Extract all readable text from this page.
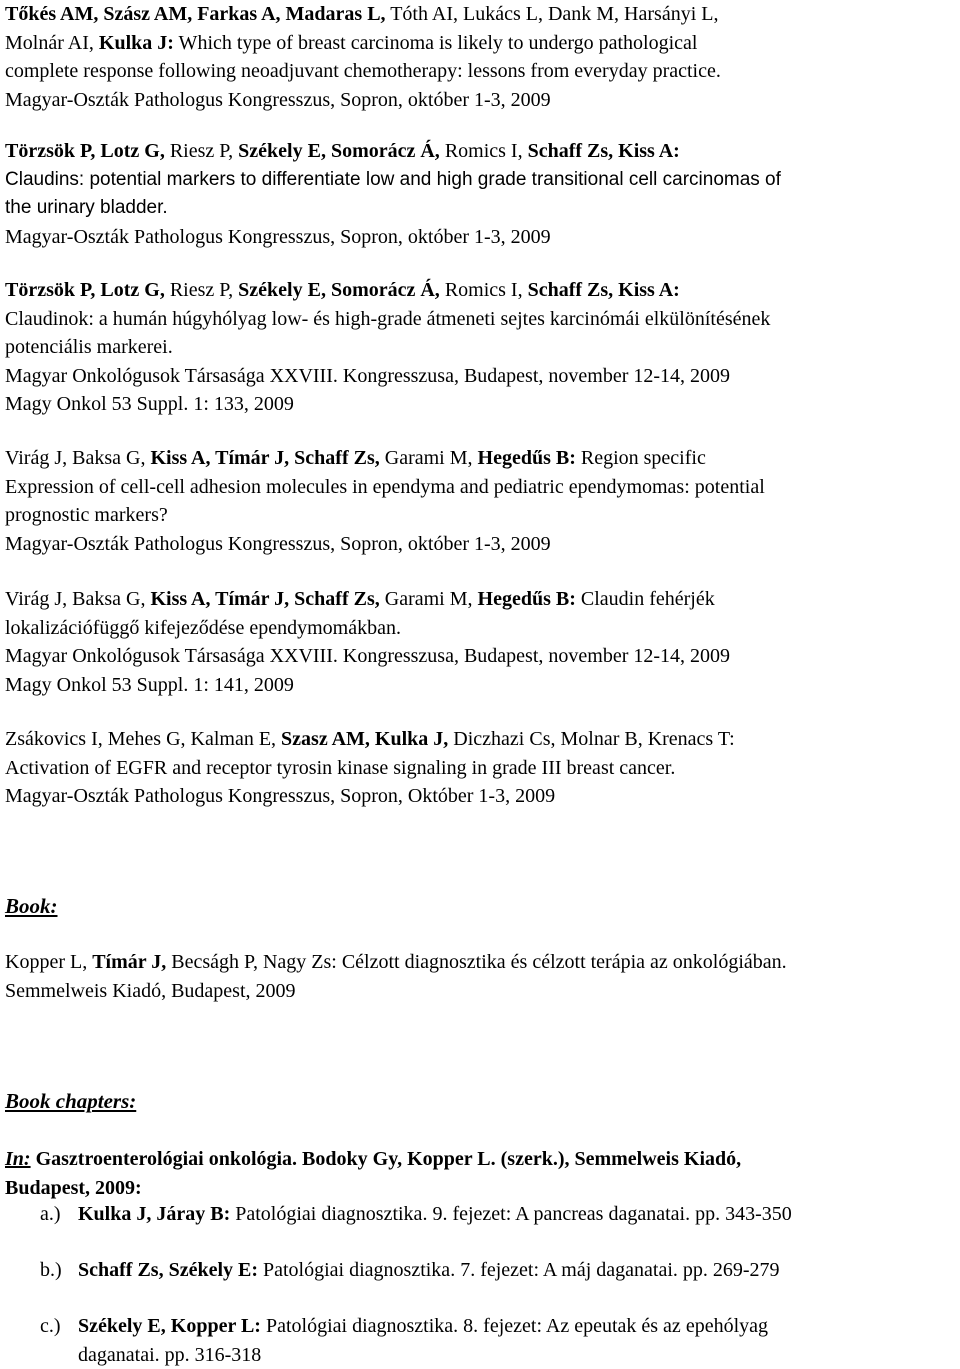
Tőkés AM, Szász AM, Farkas A, Madaras L, Tóth AI, Lukács L, Dank M, Harsányi L,

Molnár AI, Kulka J: Which type of breast carcinoma is likely to undergo pathological

complete response following neoadjuvant chemotherapy: lessons from everyday practice.

Magyar-Oszták Pathologus Kongresszus, Sopron, október 1-3, 2009

Törzsök P, Lotz G, Riesz P, Székely E, Somorácz Á, Romics I, Schaff Zs, Kiss A:

Claudins: potential markers to differentiate low and high grade transitional cell carcinomas of

the urinary bladder.

Magyar-Oszták Pathologus Kongresszus, Sopron, október 1-3, 2009

Törzsök P, Lotz G, Riesz P, Székely E, Somorácz Á, Romics I, Schaff Zs, Kiss A:

Claudinok: a humán húgyhólyag low- és high-grade átmeneti sejtes karcinómái elkülönítésének

potenciális markerei.

Magyar Onkológusok Társasága XXVIII. Kongresszusa, Budapest, november 12-14, 2009

Magy Onkol 53 Suppl. 1: 133, 2009

Virág J, Baksa G, Kiss A, Tímár J, Schaff Zs, Garami M, Hegedűs B: Region specific

Expression of cell-cell adhesion molecules in ependyma and pediatric ependymomas: potential

prognostic markers?

Magyar-Oszták Pathologus Kongresszus, Sopron, október 1-3, 2009

Virág J, Baksa G, Kiss A, Tímár J, Schaff Zs, Garami M, Hegedűs B: Claudin fehérjék

lokalizációfüggő kifejeződése ependymomákban.

Magyar Onkológusok Társasága XXVIII. Kongresszusa, Budapest, november 12-14, 2009

Magy Onkol 53 Suppl. 1: 141, 2009

Zsákovics I, Mehes G, Kalman E, Szasz AM, Kulka J, Diczhazi Cs, Molnar B, Krenacs T:

Activation of EGFR and receptor tyrosin kinase signaling in grade III breast cancer.

Magyar-Oszták Pathologus Kongresszus, Sopron, Október 1-3, 2009

Book:

Kopper L, Tímár J, Becságh P, Nagy Zs: Célzott diagnosztika és célzott terápia az onkológiában.

Semmelweis Kiadó, Budapest, 2009

Book chapters:

In: Gasztroenterológiai onkológia. Bodoky Gy, Kopper L. (szerk.), Semmelweis Kiadó,

Budapest, 2009:

a.) Kulka J, Járay B: Patológiai diagnosztika. 9. fejezet: A pancreas daganatai. pp. 343-350
b.) Schaff Zs, Székely E: Patológiai diagnosztika. 7. fejezet: A máj daganatai. pp. 269-279

c.) Székely E, Kopper L: Patológiai diagnosztika. 8. fejezet: Az epeutak és az epehólyag

daganatai. pp. 316-318
